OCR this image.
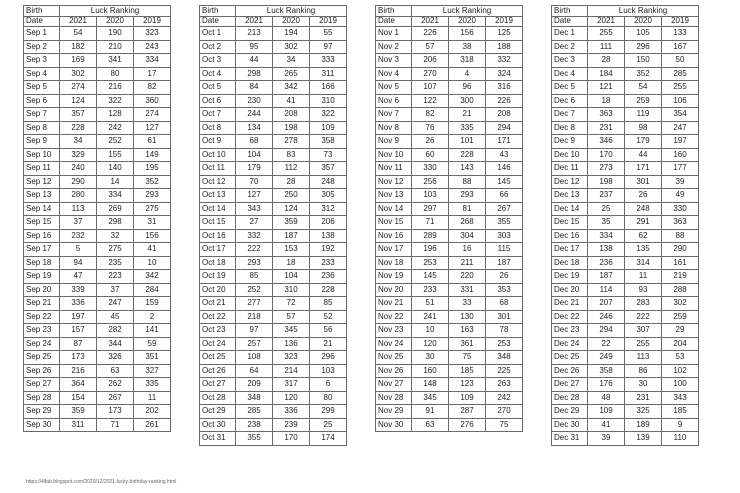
Birth	Luck Ranking		
Date	2021	2020	2019
Sep 1	54	190	323
Sep 2	182	210	243
Sep 3	169	341	334
Sep 4	302	80	17
Sep 5	274	216	82
Sep 6	124	322	360
Sep 7	357	128	274
Sep 8	228	242	127
Sep 9	34	252	61
Sep 10	329	155	149
Sep 11	240	140	195
Sep 12	290	14	352
Sep 13	280	334	293
Sep 14	113	269	275
Sep 15	37	298	31
Sep 16	232	32	156
Sep 17	5	275	41
Sep 18	94	235	10
Sep 19	47	223	342
Sep 20	339	37	284
Sep 21	336	247	159
Sep 22	197	45	2
Sep 23	157	282	141
Sep 24	87	344	59
Sep 25	173	326	351
Sep 26	216	63	327
Sep 27	364	262	335
Sep 28	154	267	11
Sep 29	359	173	202
Sep 30	311	71	261
Birth	Luck Ranking		
Date	2021	2020	2019
Oct 1	213	194	55
Oct 2	95	302	97
Oct 3	44	34	333
Oct 4	298	265	311
Oct 5	84	342	166
Oct 6	230	41	310
Oct 7	244	208	322
Oct 8	134	198	109
Oct 9	68	278	358
Oct 10	104	83	73
Oct 11	179	112	357
Oct 12	70	28	248
Oct 13	127	250	305
Oct 14	343	124	312
Oct 15	27	359	206
Oct 16	332	187	138
Oct 17	222	153	192
Oct 18	293	18	233
Oct 19	85	104	236
Oct 20	252	310	228
Oct 21	277	72	85
Oct 22	218	57	52
Oct 23	97	345	56
Oct 24	257	136	21
Oct 25	108	323	296
Oct 26	64	214	103
Oct 27	209	317	6
Oct 28	348	120	80
Oct 29	285	336	299
Oct 30	238	239	25
Oct 31	355	170	174
Birth	Luck Ranking		
Date	2021	2020	2019
Nov 1	226	156	125
Nov 2	57	38	188
Nov 3	206	318	332
Nov 4	270	4	324
Nov 5	107	96	316
Nov 6	122	300	226
Nov 7	82	21	208
Nov 8	76	335	294
Nov 9	26	101	171
Nov 10	60	228	43
Nov 11	330	143	146
Nov 12	256	88	145
Nov 13	103	293	66
Nov 14	297	81	267
Nov 15	71	268	355
Nov 16	289	304	303
Nov 17	196	16	115
Nov 18	253	211	187
Nov 19	145	220	26
Nov 20	233	331	353
Nov 21	51	33	68
Nov 22	241	130	301
Nov 23	10	163	78
Nov 24	120	361	253
Nov 25	30	75	348
Nov 26	160	185	225
Nov 27	148	123	263
Nov 28	345	109	242
Nov 29	91	287	270
Nov 30	63	276	75
Birth	Luck Ranking		
Date	2021	2020	2019
Dec 1	255	105	133
Dec 2	111	296	167
Dec 3	28	150	50
Dec 4	184	352	285
Dec 5	121	54	255
Dec 6	18	259	106
Dec 7	363	119	354
Dec 8	231	98	247
Dec 9	346	179	197
Dec 10	170	44	160
Dec 11	273	171	177
Dec 12	198	301	39
Dec 13	237	26	49
Dec 14	25	248	330
Dec 15	35	291	363
Dec 16	334	62	88
Dec 17	138	135	290
Dec 18	236	314	161
Dec 19	187	11	219
Dec 20	114	93	288
Dec 21	207	283	302
Dec 22	246	222	259
Dec 23	294	307	29
Dec 24	22	255	204
Dec 25	249	113	53
Dec 26	358	86	102
Dec 27	176	30	100
Dec 28	48	231	343
Dec 29	109	325	185
Dec 30	41	189	9
Dec 31	39	139	110
https://4lfab.blogspot.com/2020/12/2021-lucky-birthday-ranking.html
